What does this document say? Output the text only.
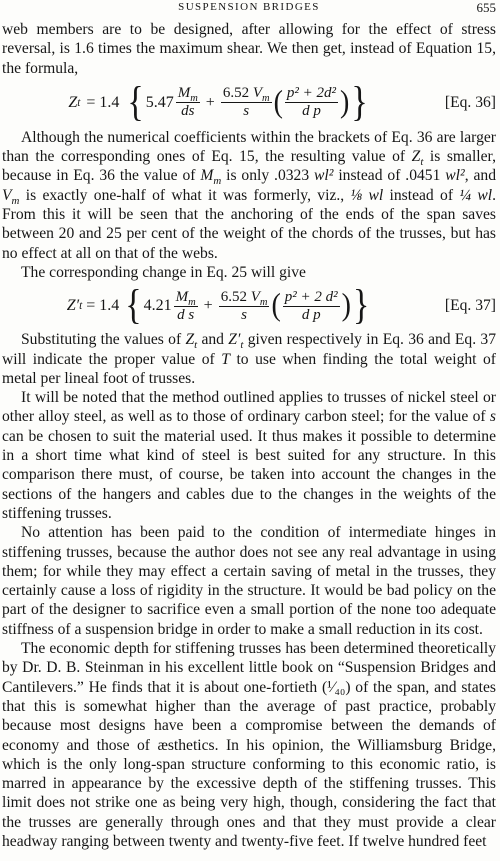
SUSPENSION BRIDGES	655

web members are to be designed, after allowing for the effect of stress reversal, is 1.6 times the maximum shear. We then get, instead of Equation 15, the formula,

Z t = 1.4 { $5.47 \frac{M_m}{ds} + \frac{6.52 V_m}{s}$ ( $\frac{\text{p² + 2d²}}{\text{d p}}$ ) }	[Eq. 36]

Although the numerical coefficients within the brackets of Eq. 36 are larger than the corresponding ones of Eq. 15, the resulting value of $Z_t$ is smaller, because in Eq. 36 the value of $M_m$ is only .0323 wl² instead of .0451 wl², and $V_m$ is exactly one-half of what it was formerly, viz., ⅛ wl instead of ¼ wl. From this it will be seen that the anchoring of the ends of the span saves between 20 and 25 per cent of the weight of the chords of the trusses, but has no effect at all on that of the webs.

The corresponding change in Eq. 25 will give

Z′ t = 1.4 { $4.21 \frac{M_m}{\text{d s}} + \frac{6.52 V_m}{s}$ ( $\frac{\text{p² + 2 d²}}{\text{d p}}$ ) }	[Eq. 37]

Substituting the values of $Z_t$ and $Z'_t$ given respectively in Eq. 36 and Eq. 37 will indicate the proper value of T to use when finding the total weight of metal per lineal foot of trusses.

It will be noted that the method outlined applies to trusses of nickel steel or other alloy steel, as well as to those of ordinary carbon steel; for the value of s can be chosen to suit the material used. It thus makes it possible to determine in a short time what kind of steel is best suited for any structure. In this comparison there must, of course, be taken into account the changes in the sections of the hangers and cables due to the changes in the weights of the stiffening trusses.

No attention has been paid to the condition of intermediate hinges in stiffening trusses, because the author does not see any real advantage in using them; for while they may effect a certain saving of metal in the trusses, they certainly cause a loss of rigidity in the structure. It would be bad policy on the part of the designer to sacrifice even a small portion of the none too adequate stiffness of a suspension bridge in order to make a small reduction in its cost.

The economic depth for stiffening trusses has been determined theoretically by Dr. D. B. Steinman in his excellent little book on “Suspension Bridges and Cantilevers.” He finds that it is about one-fortieth (¹⁄₄₀) of the span, and states that this is somewhat higher than the average of past practice, probably because most designs have been a compromise between the demands of economy and those of æsthetics. In his opinion, the Williamsburg Bridge, which is the only long-span structure conforming to this economic ratio, is marred in appearance by the excessive depth of the stiffening trusses. This limit does not strike one as being very high, though, considering the fact that the trusses are generally through ones and that they must provide a clear headway ranging between twenty and twenty-five feet. If twelve hundred feet
